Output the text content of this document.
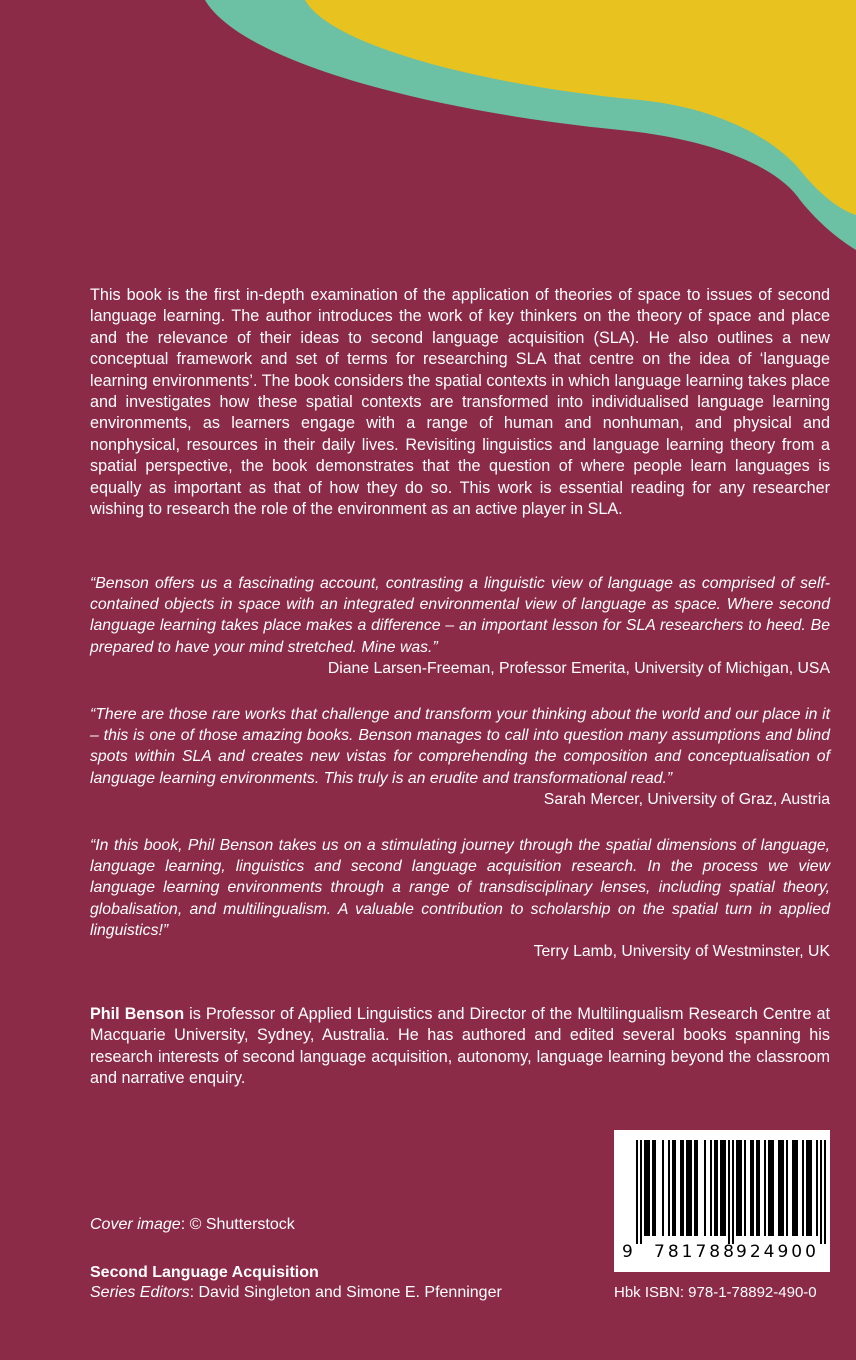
This book is the first in-depth examination of the application of theories of space to issues of second language learning. The author introduces the work of key thinkers on the theory of space and place and the relevance of their ideas to second language acquisition (SLA). He also outlines a new conceptual framework and set of terms for researching SLA that centre on the idea of ‘language learning environments’. The book considers the spatial contexts in which language learning takes place and investigates how these spatial contexts are transformed into individualised language learning environments, as learners engage with a range of human and nonhuman, and physical and nonphysical, resources in their daily lives. Revisiting linguistics and language learning theory from a spatial perspective, the book demonstrates that the question of where people learn languages is equally as important as that of how they do so. This work is essential reading for any researcher wishing to research the role of the environment as an active player in SLA.

“Benson offers us a fascinating account, contrasting a linguistic view of language as comprised of self-contained objects in space with an integrated environmental view of language as space. Where second language learning takes place makes a difference – an important lesson for SLA researchers to heed. Be prepared to have your mind stretched. Mine was.”

Diane Larsen-Freeman, Professor Emerita, University of Michigan, USA

“There are those rare works that challenge and transform your thinking about the world and our place in it – this is one of those amazing books. Benson manages to call into question many assumptions and blind spots within SLA and creates new vistas for comprehending the composition and conceptualisation of language learning environments. This truly is an erudite and transformational read.”

Sarah Mercer, University of Graz, Austria

“In this book, Phil Benson takes us on a stimulating journey through the spatial dimensions of language, language learning, linguistics and second language acquisition research. In the process we view language learning environments through a range of transdisciplinary lenses, including spatial theory, globalisation, and multilingualism. A valuable contribution to scholarship on the spatial turn in applied linguistics!”

Terry Lamb, University of Westminster, UK

Phil Benson is Professor of Applied Linguistics and Director of the Multilingualism Research Centre at Macquarie University, Sydney, Australia. He has authored and edited several books spanning his research interests of second language acquisition, autonomy, language learning beyond the classroom and narrative enquiry.

Cover image: © Shutterstock
Second Language Acquisition
Series Editors: David Singleton and Simone E. Pfenninger
9 781788 924900
Hbk ISBN: 978-1-78892-490-0
